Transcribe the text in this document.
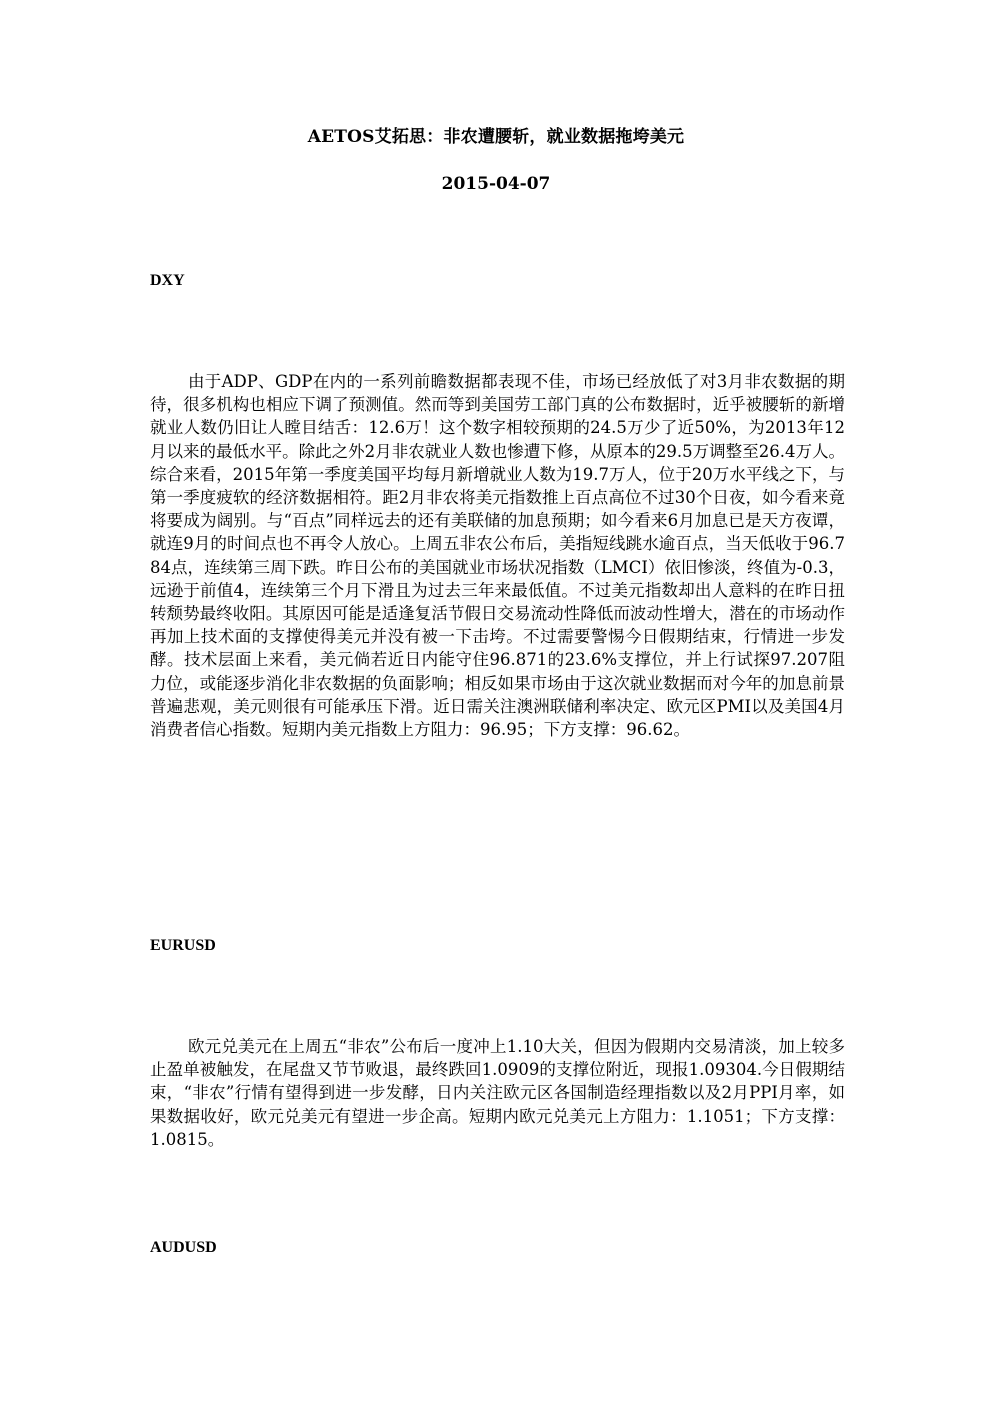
AETOS艾拓思：非农遭腰斩，就业数据拖垮美元
2015-04-07
DXY
由于ADP、GDP在内的一系列前瞻数据都表现不佳，市场已经放低了对3月非农数据的期待，很多机构也相应下调了预测值。然而等到美国劳工部门真的公布数据时，近乎被腰斩的新增就业人数仍旧让人瞠目结舌：12.6万！这个数字相较预期的24.5万少了近50%，为2013年12月以来的最低水平。除此之外2月非农就业人数也惨遭下修，从原本的29.5万调整至26.4万人。综合来看，2015年第一季度美国平均每月新增就业人数为19.7万人，位于20万水平线之下，与第一季度疲软的经济数据相符。距2月非农将美元指数推上百点高位不过30个日夜，如今看来竟将要成为阔别。与“百点”同样远去的还有美联储的加息预期；如今看来6月加息已是天方夜谭，就连9月的时间点也不再令人放心。上周五非农公布后，美指短线跳水逾百点，当天低收于96.784点，连续第三周下跌。昨日公布的美国就业市场状况指数（LMCI）依旧惨淡，终值为-0.3，远逊于前值4，连续第三个月下滑且为过去三年来最低值。不过美元指数却出人意料的在昨日扭转颓势最终收阳。其原因可能是适逢复活节假日交易流动性降低而波动性增大，潜在的市场动作再加上技术面的支撑使得美元并没有被一下击垮。不过需要警惕今日假期结束，行情进一步发酵。技术层面上来看，美元倘若近日内能守住96.871的23.6%支撑位，并上行试探97.207阻力位，或能逐步消化非农数据的负面影响；相反如果市场由于这次就业数据而对今年的加息前景普遍悲观，美元则很有可能承压下滑。近日需关注澳洲联储利率决定、欧元区PMI以及美国4月消费者信心指数。短期内美元指数上方阻力：96.95；下方支撑：96.62。
EURUSD
欧元兑美元在上周五“非农”公布后一度冲上1.10大关，但因为假期内交易清淡，加上较多止盈单被触发，在尾盘又节节败退，最终跌回1.0909的支撑位附近，现报1.09304.今日假期结束，“非农”行情有望得到进一步发酵，日内关注欧元区各国制造经理指数以及2月PPI月率，如果数据收好，欧元兑美元有望进一步企高。短期内欧元兑美元上方阻力：1.1051；下方支撑：1.0815。
AUDUSD
